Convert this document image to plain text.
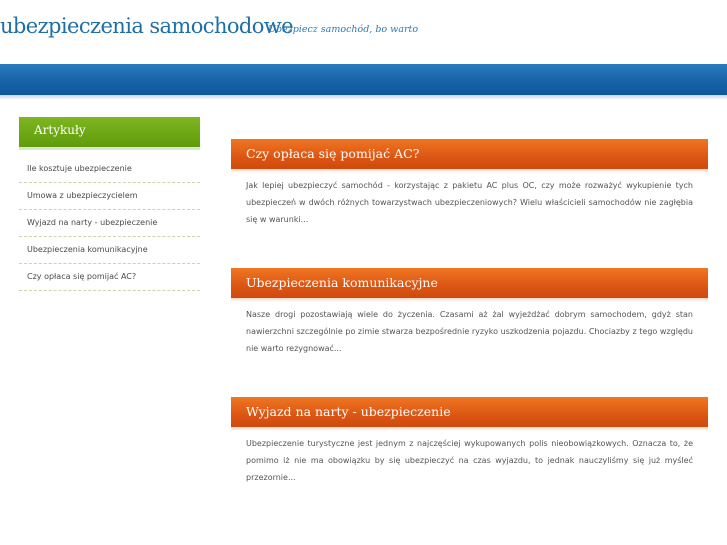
ubezpieczenia samochodowe
Ubezpiecz samochód, bo warto
Artykuły
Ile kosztuje ubezpieczenie
Umowa z ubezpieczycielem
Wyjazd na narty - ubezpieczenie
Ubezpieczenia komunikacyjne
Czy opłaca się pomijać AC?
Czy opłaca się pomijać AC?
Jak lepiej ubezpieczyć samochód - korzystając z pakietu AC plus OC, czy może rozważyć wykupienie tych ubezpieczeń w dwóch różnych towarzystwach ubezpieczeniowych? Wielu właścicieli samochodów nie zagłębia się w warunki...
Ubezpieczenia komunikacyjne
Nasze drogi pozostawiają wiele do życzenia. Czasami aż żal wyjeżdżać dobrym samochodem, gdyż stan nawierzchni szczególnie po zimie stwarza bezpośrednie ryzyko uszkodzenia pojazdu. Chociazby z tego względu nie warto rezygnować...
Wyjazd na narty - ubezpieczenie
Ubezpieczenie turystyczne jest jednym z najczęściej wykupowanych polis nieobowiązkowych. Oznacza to, że pomimo iż nie ma obowiązku by się ubezpieczyć na czas wyjazdu, to jednak nauczyliśmy się już myśleć przezornie...
